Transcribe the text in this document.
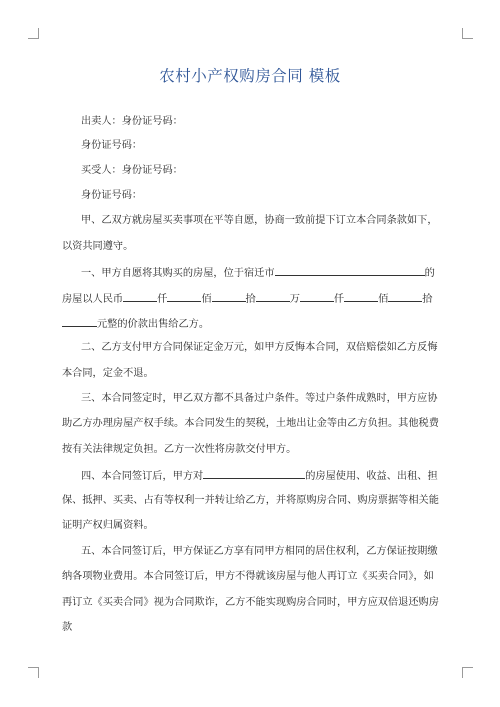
农村小产权购房合同 模板
出卖人：身份证号码：
身份证号码：
买受人：身份证号码：
身份证号码：
甲、乙双方就房屋买卖事项在平等自愿，协商一致前提下订立本合同条款如下，
以资共同遵守。
一、甲方自愿将其购买的房屋，位于宿迁市	的
房屋以人民币	仟	佰	拾	万	仟	佰	拾
元整的价款出售给乙方。
二、乙方支付甲方合同保证定金万元，如甲方反悔本合同，双倍赔偿如乙方反悔
本合同，定金不退。
三、本合同签定时，甲乙双方都不具备过户条件。等过户条件成熟时，甲方应协
助乙方办理房屋产权手续。本合同发生的契税，土地出让金等由乙方负担。其他税费
按有关法律规定负担。乙方一次性将房款交付甲方。
四、本合同签订后，甲方对	的房屋使用、收益、出租、担
保、抵押、买卖、占有等权利一并转让给乙方，并将原购房合同、购房票据等相关能
证明产权归属资料。
五、本合同签订后，甲方保证乙方享有同甲方相同的居住权利，乙方保证按期缴
纳各项物业费用。本合同签订后，甲方不得就该房屋与他人再订立《买卖合同》，如
再订立《买卖合同》视为合同欺诈，乙方不能实现购房合同时，甲方应双倍退还购房
款
